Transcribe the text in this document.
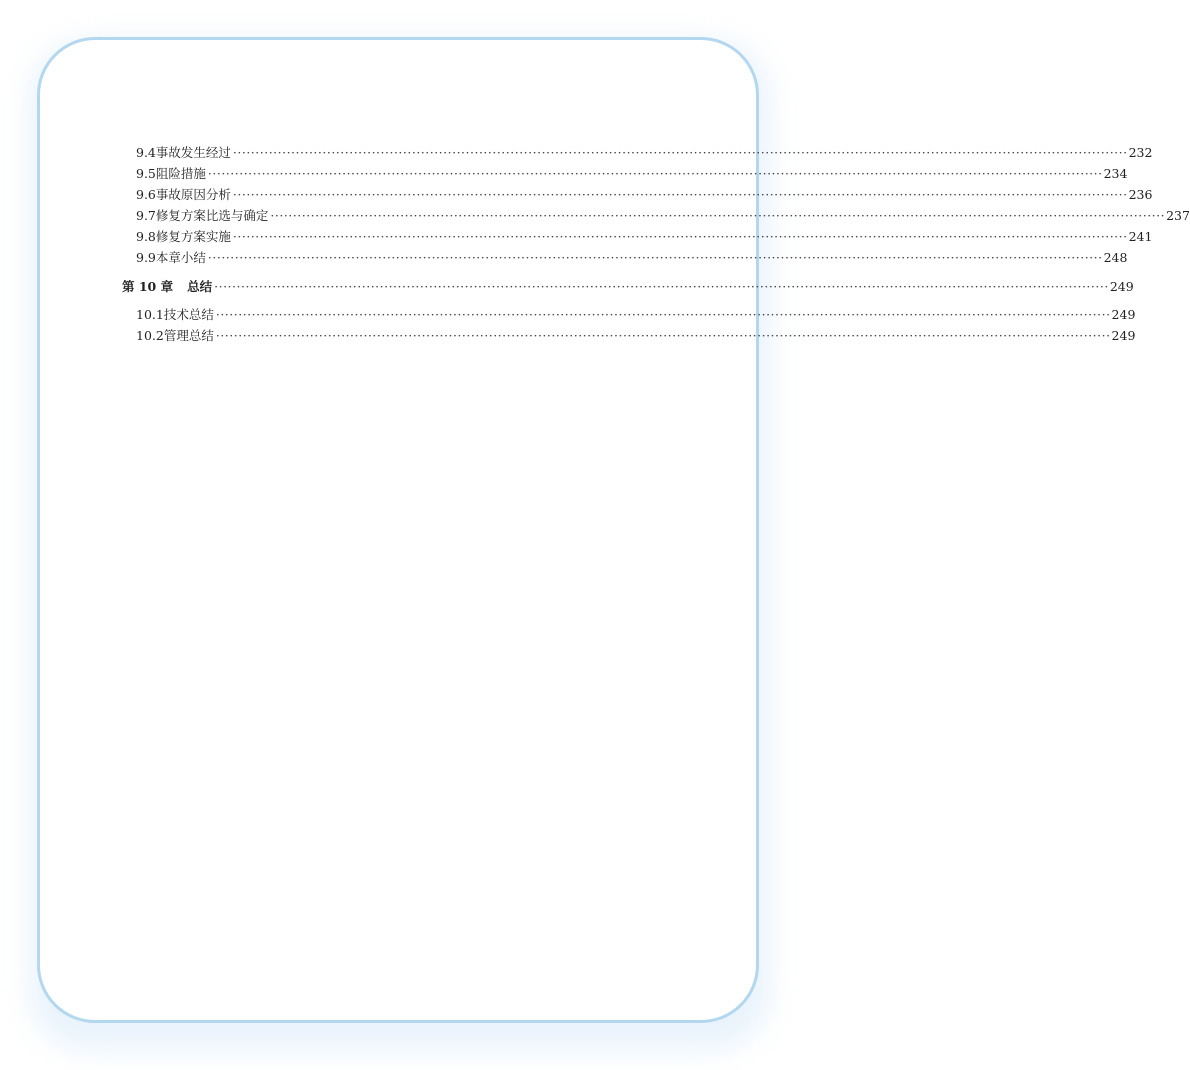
9.4 事故发生经过 ········································································································································································································ 232
9.5 阻险措施 ········································································································································································································ 234
9.6 事故原因分析 ········································································································································································································ 236
9.7 修复方案比选与确定 ········································································································································································································ 237
9.8 修复方案实施 ········································································································································································································ 241
9.9 本章小结 ········································································································································································································ 248
第 10 章	总结 ········································································································································································································ 249
10.1 技术总结 ········································································································································································································ 249
10.2 管理总结 ········································································································································································································ 249
